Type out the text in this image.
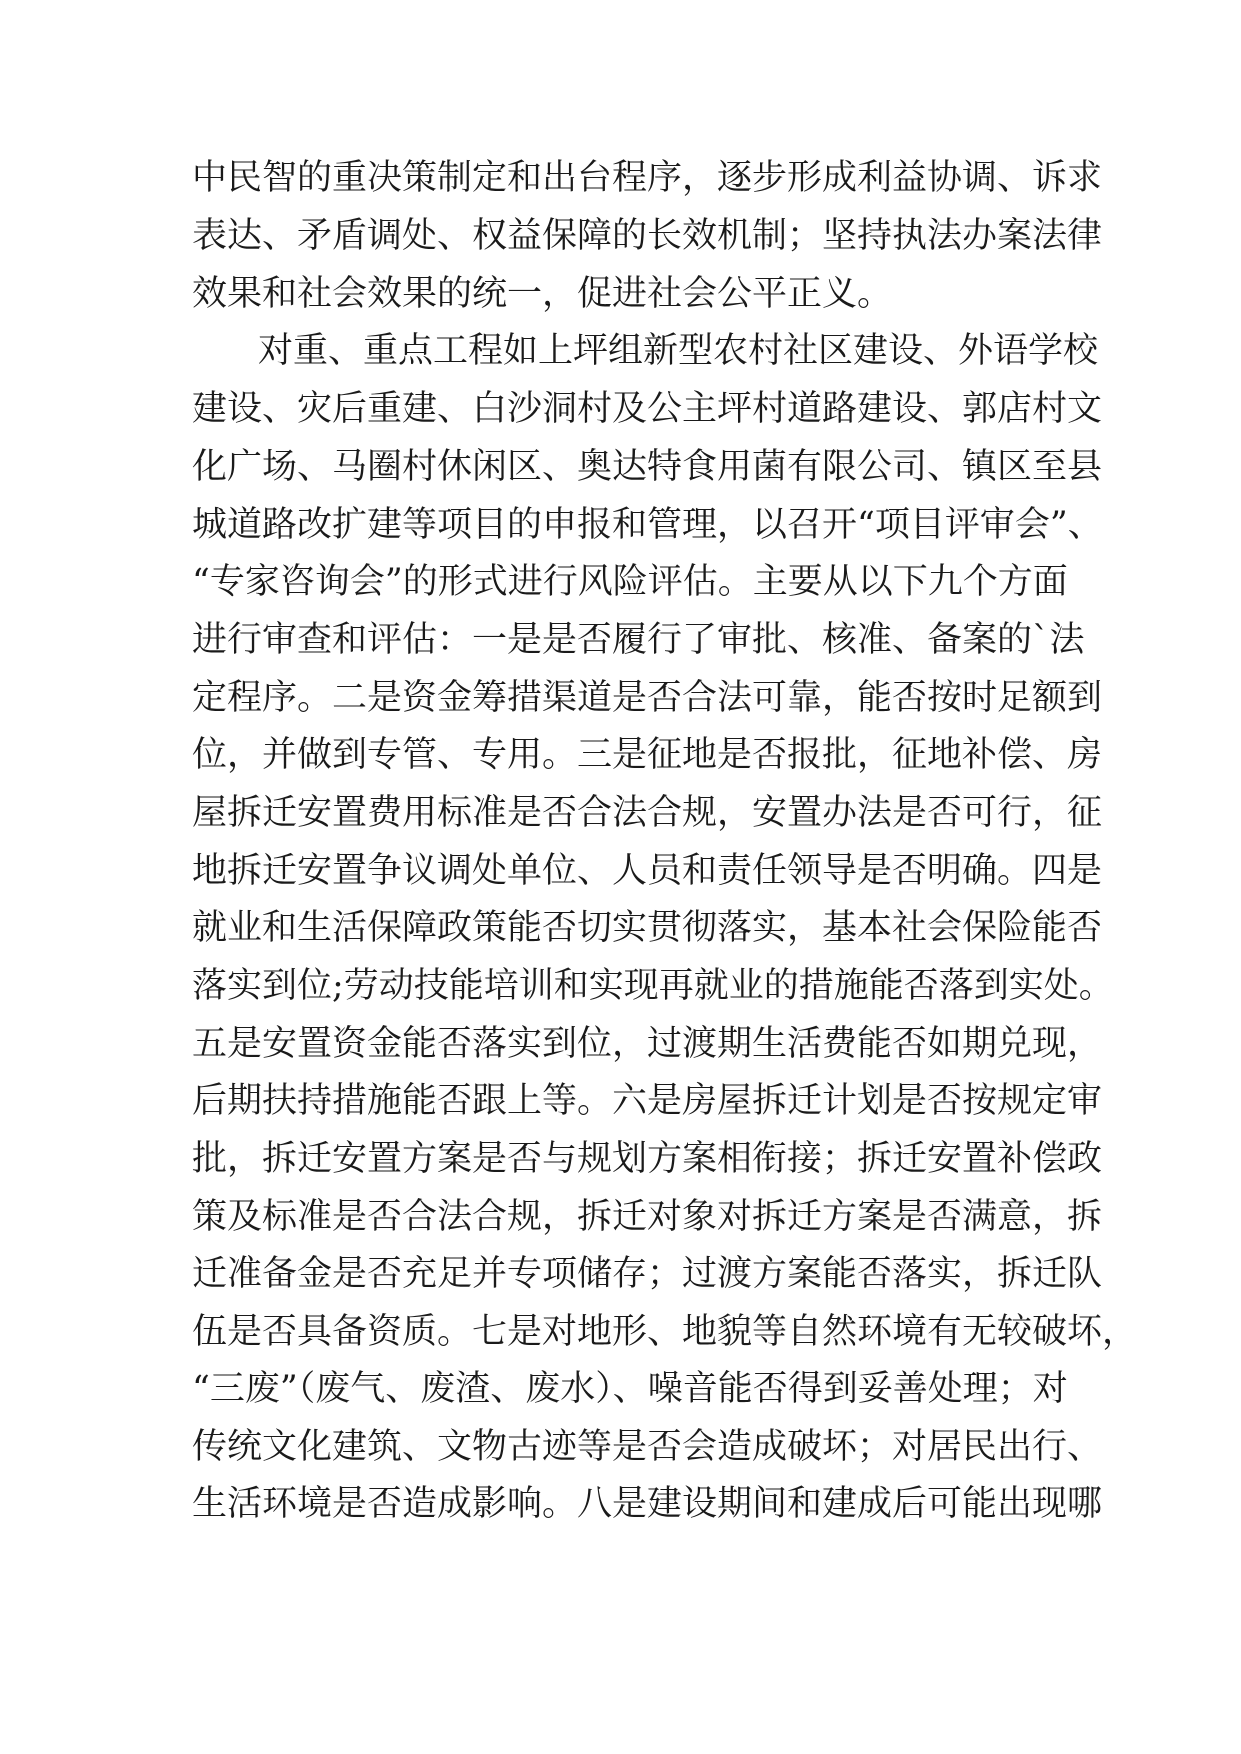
中民智的重决策制定和出台程序，逐步形成利益协调、诉求
表达、矛盾调处、权益保障的长效机制；坚持执法办案法律
效果和社会效果的统一，促进社会公平正义。
对重、重点工程如上坪组新型农村社区建设、外语学校
建设、灾后重建、白沙洞村及公主坪村道路建设、郭店村文
化广场、马圈村休闲区、奥达特食用菌有限公司、镇区至县
城道路改扩建等项目的申报和管理，以召开“项目评审会”、
“专家咨询会”的形式进行风险评估。主要从以下九个方面
进行审查和评估：一是是否履行了审批、核准、备案的`法
定程序。二是资金筹措渠道是否合法可靠，能否按时足额到
位，并做到专管、专用。三是征地是否报批，征地补偿、房
屋拆迁安置费用标准是否合法合规，安置办法是否可行，征
地拆迁安置争议调处单位、人员和责任领导是否明确。四是
就业和生活保障政策能否切实贯彻落实，基本社会保险能否
落实到位;劳动技能培训和实现再就业的措施能否落到实处。
五是安置资金能否落实到位，过渡期生活费能否如期兑现，
后期扶持措施能否跟上等。六是房屋拆迁计划是否按规定审
批，拆迁安置方案是否与规划方案相衔接；拆迁安置补偿政
策及标准是否合法合规，拆迁对象对拆迁方案是否满意，拆
迁准备金是否充足并专项储存；过渡方案能否落实，拆迁队
伍是否具备资质。七是对地形、地貌等自然环境有无较破坏，
“三废”（废气、废渣、废水）、噪音能否得到妥善处理；对
传统文化建筑、文物古迹等是否会造成破坏；对居民出行、
生活环境是否造成影响。八是建设期间和建成后可能出现哪
